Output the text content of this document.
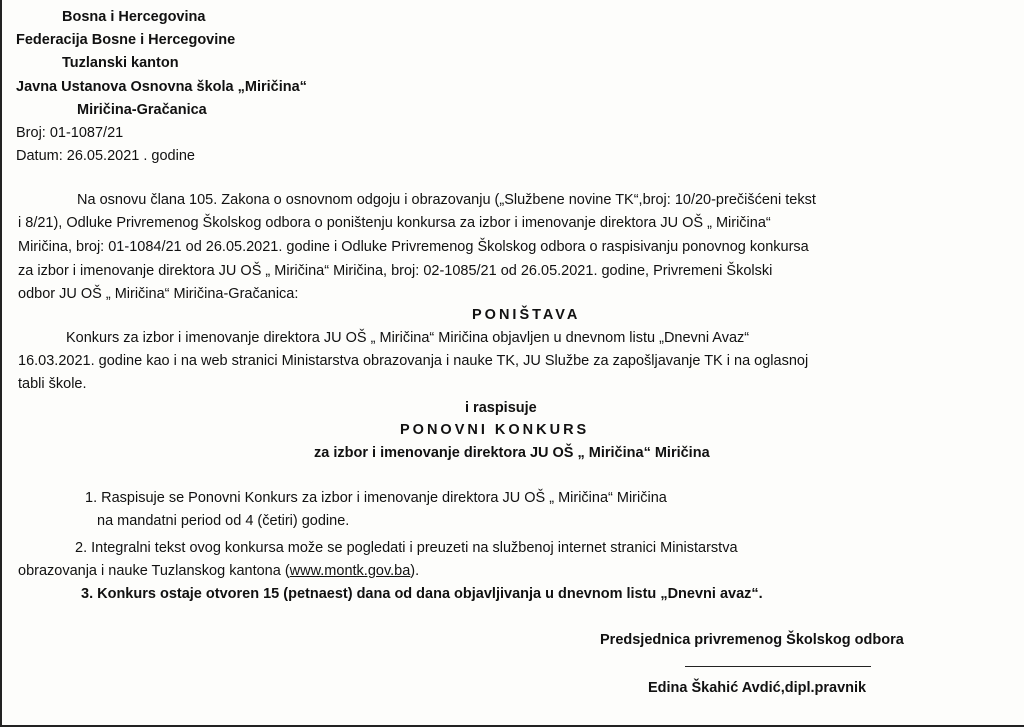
Bosna i Hercegovina
Federacija Bosne i Hercegovine
Tuzlanski kanton
Javna Ustanova Osnovna škola „Miričina“
Miričina-Gračanica
Broj: 01-1087/21
Datum: 26.05.2021 . godine
Na osnovu člana 105. Zakona o osnovnom odgoju i obrazovanju („Službene novine TK“,broj: 10/20-prečišćeni tekst
i 8/21), Odluke Privremenog Školskog odbora o poništenju konkursa za izbor i imenovanje direktora JU OŠ „ Miričina“
Miričina, broj: 01-1084/21 od 26.05.2021. godine i Odluke Privremenog Školskog odbora o raspisivanju ponovnog konkursa
za izbor i imenovanje direktora JU OŠ „ Miričina“ Miričina, broj: 02-1085/21 od 26.05.2021. godine, Privremeni Školski
odbor JU OŠ „ Miričina“ Miričina-Gračanica:
PONIŠTAVA
Konkurs za izbor i imenovanje direktora JU OŠ „ Miričina“ Miričina objavljen u dnevnom listu „Dnevni Avaz“
16.03.2021. godine kao i na web stranici Ministarstva obrazovanja i nauke TK, JU Službe za zapošljavanje TK i na oglasnoj
tabli škole.
i raspisuje
PONOVNI KONKURS
za izbor i imenovanje direktora JU OŠ „ Miričina“ Miričina
1. Raspisuje se Ponovni Konkurs za izbor i imenovanje direktora JU OŠ „ Miričina“ Miričina
na mandatni period od 4 (četiri) godine.
2. Integralni tekst ovog konkursa može se pogledati i preuzeti na službenoj internet stranici Ministarstva
obrazovanja i nauke Tuzlanskog kantona (www.montk.gov.ba).
3. Konkurs ostaje otvoren 15 (petnaest) dana od dana objavljivanja u dnevnom listu „Dnevni avaz“.
Predsjednica privremenog Školskog odbora
Edina Škahić Avdić,dipl.pravnik
